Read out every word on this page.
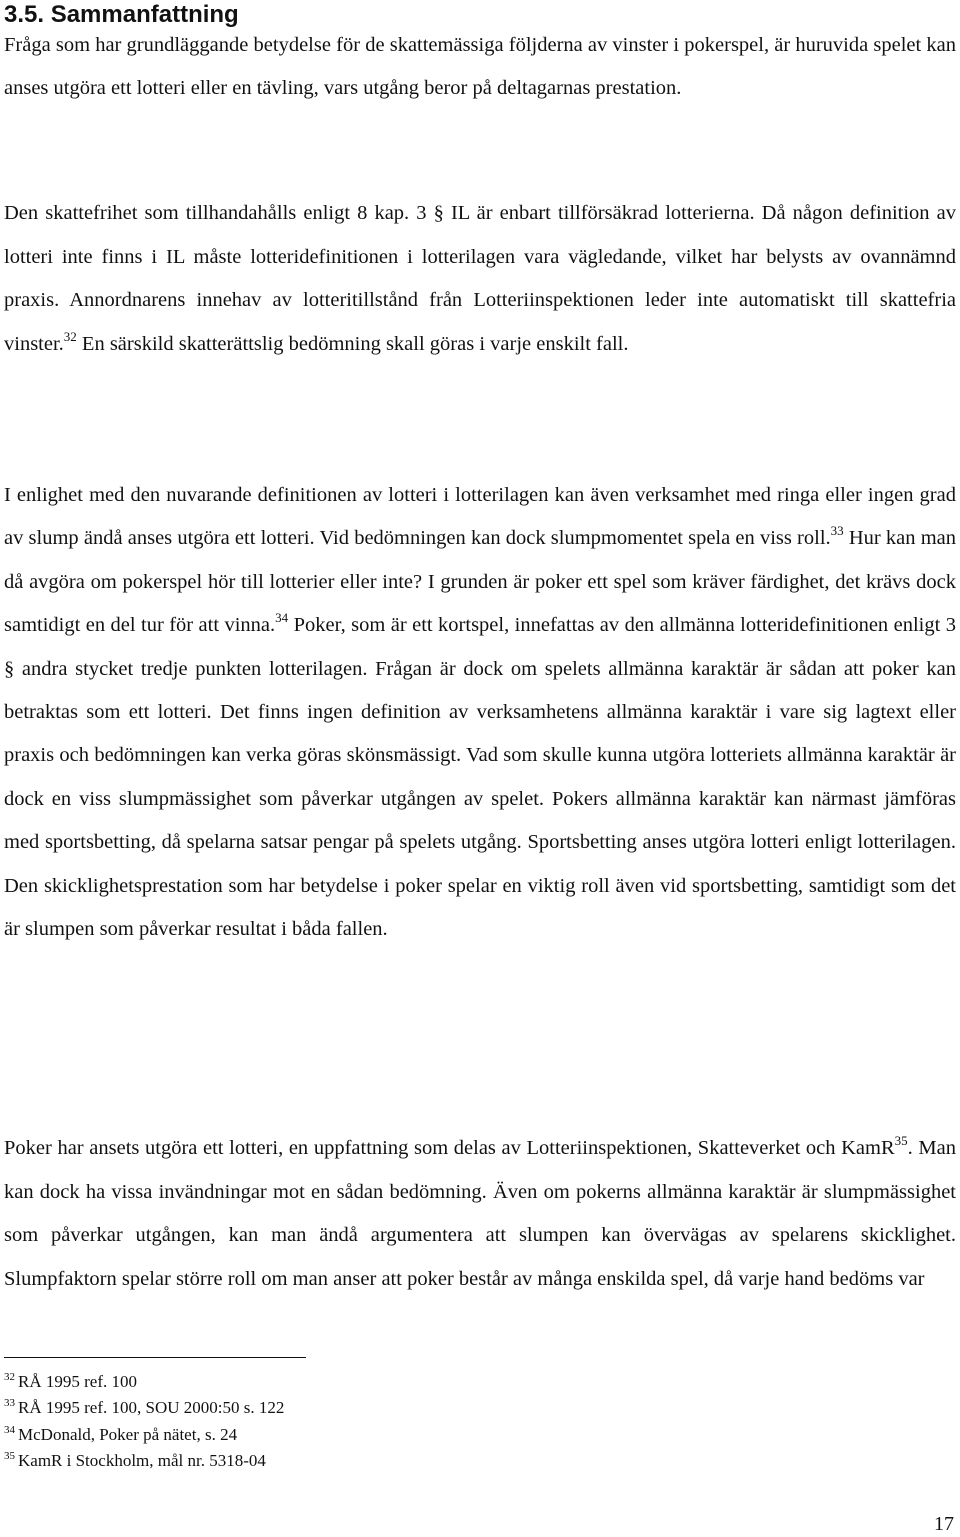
3.5. Sammanfattning

Fråga som har grundläggande betydelse för de skattemässiga följderna av vinster i pokerspel, är huruvida spelet kan anses utgöra ett lotteri eller en tävling, vars utgång beror på deltagarnas prestation.

Den skattefrihet som tillhandahålls enligt 8 kap. 3 § IL är enbart tillförsäkrad lotterierna. Då någon definition av lotteri inte finns i IL måste lotteridefinitionen i lotterilagen vara vägledande, vilket har belysts av ovannämnd praxis. Annordnarens innehav av lotteritillstånd från Lotteriinspektionen leder inte automatiskt till skattefria vinster.$^{32}$ En särskild skatterättslig bedömning skall göras i varje enskilt fall.

I enlighet med den nuvarande definitionen av lotteri i lotterilagen kan även verksamhet med ringa eller ingen grad av slump ändå anses utgöra ett lotteri. Vid bedömningen kan dock slumpmomentet spela en viss roll.$^{33}$ Hur kan man då avgöra om pokerspel hör till lotterier eller inte? I grunden är poker ett spel som kräver färdighet, det krävs dock samtidigt en del tur för att vinna.$^{34}$ Poker, som är ett kortspel, innefattas av den allmänna lotteridefinitionen enligt 3 § andra stycket tredje punkten lotterilagen. Frågan är dock om spelets allmänna karaktär är sådan att poker kan betraktas som ett lotteri. Det finns ingen definition av verksamhetens allmänna karaktär i vare sig lagtext eller praxis och bedömningen kan verka göras skönsmässigt. Vad som skulle kunna utgöra lotteriets allmänna karaktär är dock en viss slumpmässighet som påverkar utgången av spelet. Pokers allmänna karaktär kan närmast jämföras med sportsbetting, då spelarna satsar pengar på spelets utgång. Sportsbetting anses utgöra lotteri enligt lotterilagen. Den skicklighetsprestation som har betydelse i poker spelar en viktig roll även vid sportsbetting, samtidigt som det är slumpen som påverkar resultat i båda fallen.

Poker har ansets utgöra ett lotteri, en uppfattning som delas av Lotteriinspektionen, Skatteverket och KamR$^{35}$. Man kan dock ha vissa invändningar mot en sådan bedömning. Även om pokerns allmänna karaktär är slumpmässighet som påverkar utgången, kan man ändå argumentera att slumpen kan övervägas av spelarens skicklighet. Slumpfaktorn spelar större roll om man anser att poker består av många enskilda spel, då varje hand bedöms var

$^{32}$ RÅ 1995 ref. 100
$^{33}$ RÅ 1995 ref. 100, SOU 2000:50 s. 122
$^{34}$ McDonald, Poker på nätet, s. 24
$^{35}$ KamR i Stockholm, mål nr. 5318-04
17
